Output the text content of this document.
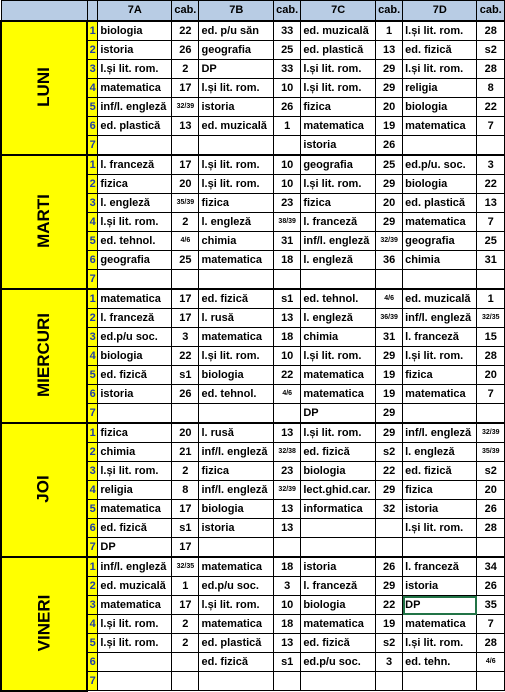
		7A	cab.	7B	cab.	7C	cab.	7D	cab.
LUNI	1	biologia	22	ed. p/u săn	33	ed. muzicală	1	l.și lit. rom.	28
	2	istoria	26	geografia	25	ed. plastică	13	ed. fizică	s2
	3	l.și lit. rom.	2	DP	33	l.și lit. rom.	29	l.și lit. rom.	28
	4	matematica	17	l.și lit. rom.	10	l.și lit. rom.	29	religia	8
	5	inf/l. engleză	32/39	istoria	26	fizica	20	biologia	22
	6	ed. plastică	13	ed. muzicală	1	matematica	19	matematica	7
	7					istoria	26		
MARTI	1	l. franceză	17	l.și lit. rom.	10	geografia	25	ed.p/u. soc.	3
	2	fizica	20	l.și lit. rom.	10	l.și lit. rom.	29	biologia	22
	3	l. engleză	35/39	fizica	23	fizica	20	ed. plastică	13
	4	l.și lit. rom.	2	l. engleză	38/39	l. franceză	29	matematica	7
	5	ed. tehnol.	4/6	chimia	31	inf/l. engleză	32/39	geografia	25
	6	geografia	25	matematica	18	l. engleză	36	chimia	31
	7								
MIERCURI	1	matematica	17	ed. fizică	s1	ed. tehnol.	4/6	ed. muzicală	1
	2	l. franceză	17	l. rusă	13	l. engleză	36/39	inf/l. engleză	32/35
	3	ed.p/u soc.	3	matematica	18	chimia	31	l. franceză	15
	4	biologia	22	l.și lit. rom.	10	l.și lit. rom.	29	l.și lit. rom.	28
	5	ed. fizică	s1	biologia	22	matematica	19	fizica	20
	6	istoria	26	ed. tehnol.	4/6	matematica	19	matematica	7
	7					DP	29		
JOI	1	fizica	20	l. rusă	13	l.și lit. rom.	29	inf/l. engleză	32/39
	2	chimia	21	inf/l. engleză	32/38	ed. fizică	s2	l. engleză	35/39
	3	l.și lit. rom.	2	fizica	23	biologia	22	ed. fizică	s2
	4	religia	8	inf/l. engleză	32/39	lect.ghid.car.	29	fizica	20
	5	matematica	17	biologia	13	informatica	32	istoria	26
	6	ed. fizică	s1	istoria	13			l.și lit. rom.	28
	7	DP	17						
VINERI	1	inf/l. engleză	32/35	matematica	18	istoria	26	l. franceză	34
	2	ed. muzicală	1	ed.p/u soc.	3	l. franceză	29	istoria	26
	3	matematica	17	l.și lit. rom.	10	biologia	22	DP	35
	4	l.și lit. rom.	2	matematica	18	matematica	19	matematica	7
	5	l.și lit. rom.	2	ed. plastică	13	ed. fizică	s2	l.și lit. rom.	28
	6			ed. fizică	s1	ed.p/u soc.	3	ed. tehn.	4/6
	7								
